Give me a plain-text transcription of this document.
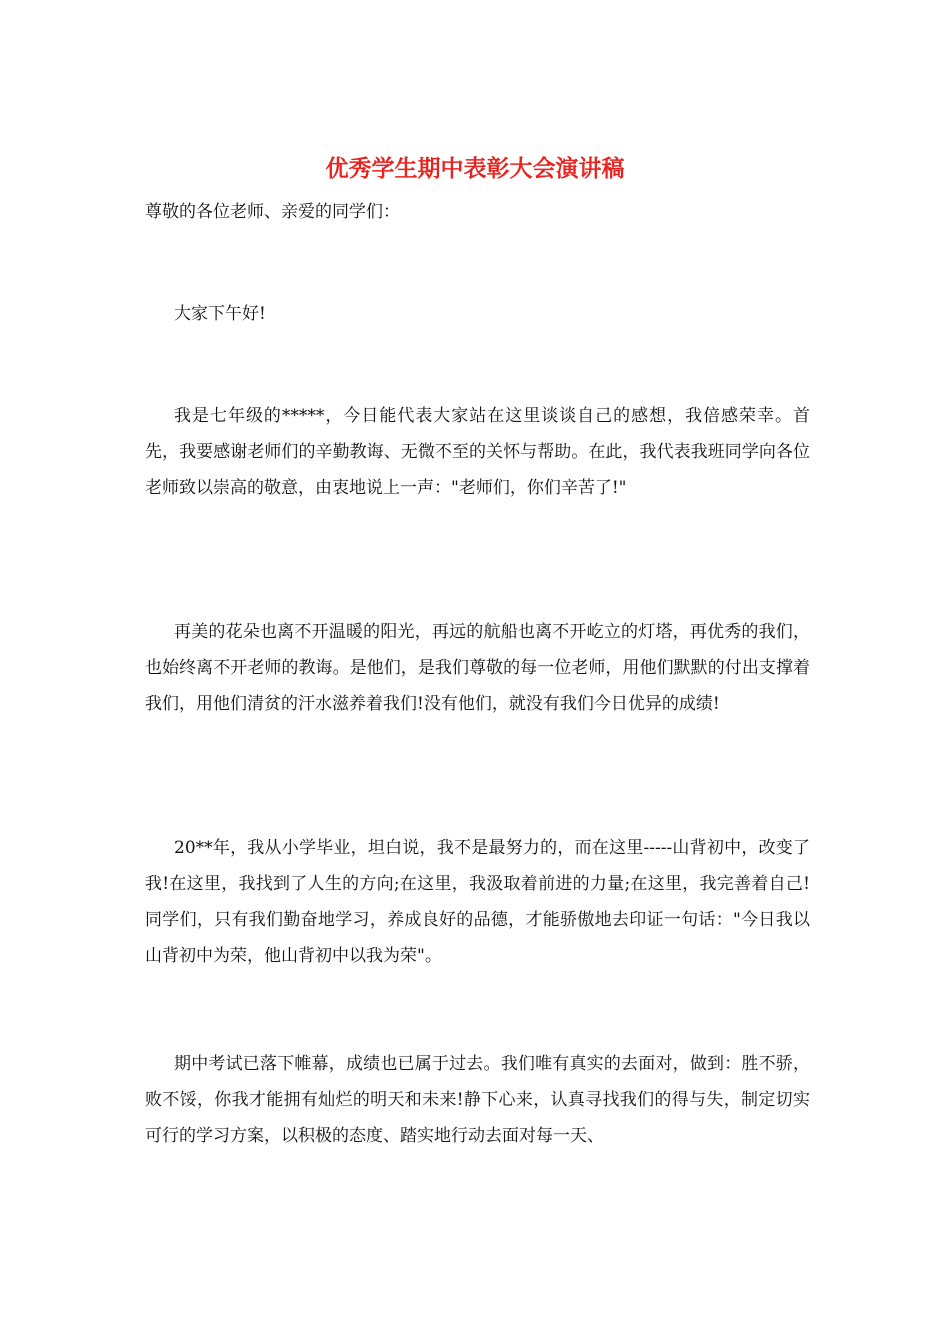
优秀学生期中表彰大会演讲稿

尊敬的各位老师、亲爱的同学们：

大家下午好!

我是七年级的*****，今日能代表大家站在这里谈谈自己的感想，我倍感荣幸。首先，我要感谢老师们的辛勤教诲、无微不至的关怀与帮助。在此，我代表我班同学向各位老师致以崇高的敬意，由衷地说上一声："老师们，你们辛苦了!"

再美的花朵也离不开温暖的阳光，再远的航船也离不开屹立的灯塔，再优秀的我们，也始终离不开老师的教诲。是他们，是我们尊敬的每一位老师，用他们默默的付出支撑着我们，用他们清贫的汗水滋养着我们!没有他们，就没有我们今日优异的成绩!

20**年，我从小学毕业，坦白说，我不是最努力的，而在这里-----山背初中，改变了我!在这里，我找到了人生的方向;在这里，我汲取着前进的力量;在这里，我完善着自己!同学们，只有我们勤奋地学习，养成良好的品德，才能骄傲地去印证一句话："今日我以山背初中为荣，他山背初中以我为荣"。

期中考试已落下帷幕，成绩也已属于过去。我们唯有真实的去面对，做到：胜不骄，败不馁，你我才能拥有灿烂的明天和未来!静下心来，认真寻找我们的得与失，制定切实可行的学习方案，以积极的态度、踏实地行动去面对每一天、
